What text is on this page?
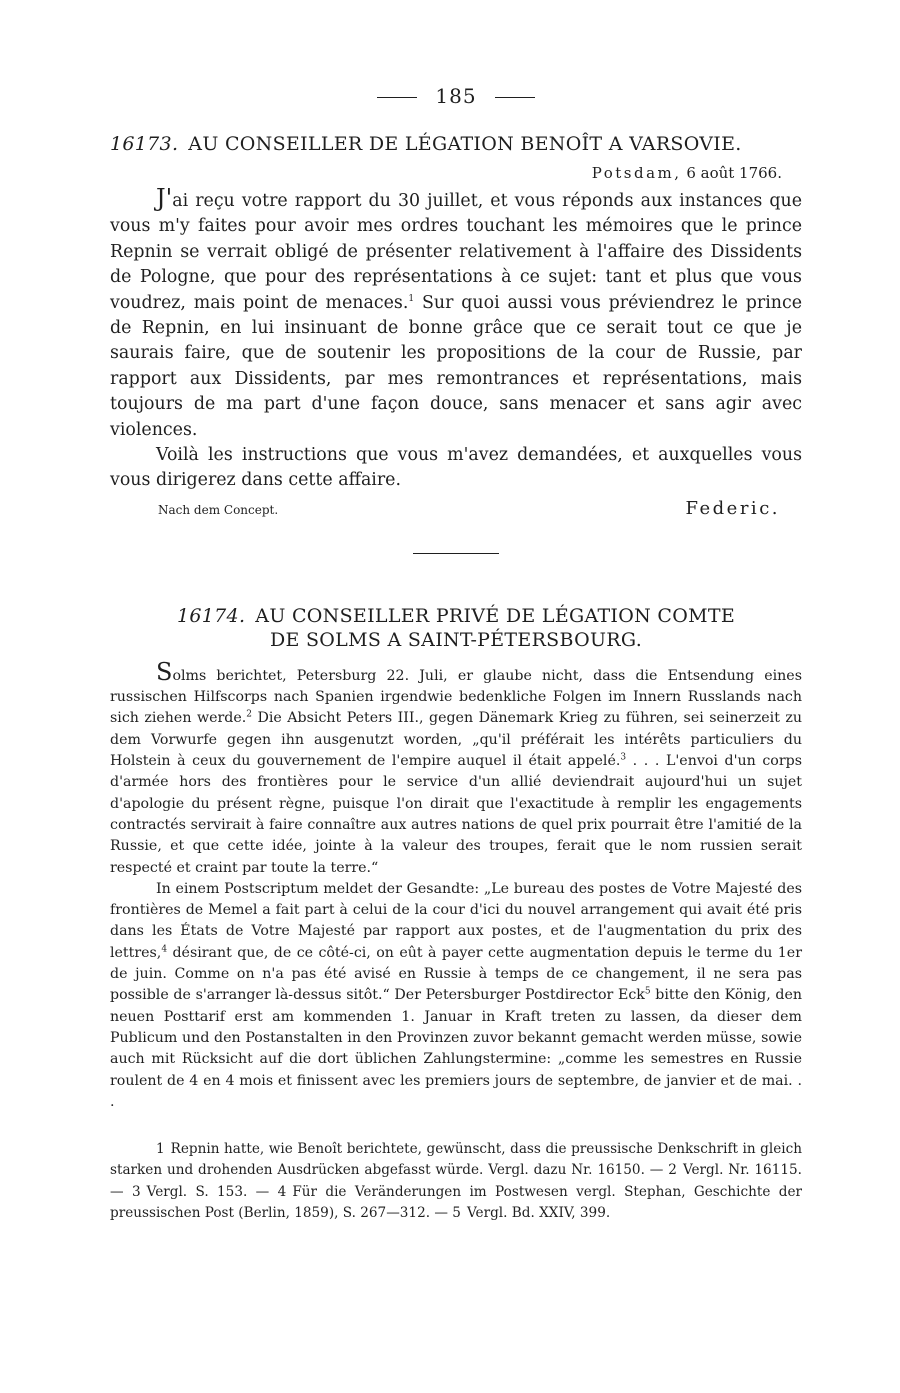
185

16173. AU CONSEILLER DE LÉGATION BENOÎT A VARSOVIE.

Potsdam, 6 août 1766.

J'ai reçu votre rapport du 30 juillet, et vous réponds aux instances que vous m'y faites pour avoir mes ordres touchant les mémoires que le prince Repnin se verrait obligé de présenter relativement à l'affaire des Dissidents de Pologne, que pour des représentations à ce sujet: tant et plus que vous voudrez, mais point de menaces.$^1$ Sur quoi aussi vous préviendrez le prince de Repnin, en lui insinuant de bonne grâce que ce serait tout ce que je saurais faire, que de soutenir les propositions de la cour de Russie, par rapport aux Dissidents, par mes remontrances et représentations, mais toujours de ma part d'une façon douce, sans menacer et sans agir avec violences.

Voilà les instructions que vous m'avez demandées, et auxquelles vous vous dirigerez dans cette affaire.

Nach dem Concept.	Federic.

16174. AU CONSEILLER PRIVÉ DE LÉGATION COMTE
DE SOLMS A SAINT-PÉTERSBOURG.

Solms berichtet, Petersburg 22. Juli, er glaube nicht, dass die Entsendung eines russischen Hilfscorps nach Spanien irgendwie bedenkliche Folgen im Innern Russlands nach sich ziehen werde.$^2$ Die Absicht Peters III., gegen Dänemark Krieg zu führen, sei seinerzeit zu dem Vorwurfe gegen ihn ausgenutzt worden, „qu'il préférait les intérêts particuliers du Holstein à ceux du gouvernement de l'empire auquel il était appelé.$^3$ . . . L'envoi d'un corps d'armée hors des frontières pour le service d'un allié deviendrait aujourd'hui un sujet d'apologie du présent règne, puisque l'on dirait que l'exactitude à remplir les engagements contractés servirait à faire connaître aux autres nations de quel prix pourrait être l'amitié de la Russie, et que cette idée, jointe à la valeur des troupes, ferait que le nom russien serait respecté et craint par toute la terre.“

In einem Postscriptum meldet der Gesandte: „Le bureau des postes de Votre Majesté des frontières de Memel a fait part à celui de la cour d'ici du nouvel arrangement qui avait été pris dans les États de Votre Majesté par rapport aux postes, et de l'augmentation du prix des lettres,$^4$ désirant que, de ce côté-ci, on eût à payer cette augmentation depuis le terme du 1er de juin. Comme on n'a pas été avisé en Russie à temps de ce changement, il ne sera pas possible de s'arranger là-dessus sitôt.“ Der Petersburger Postdirector Eck$^5$ bitte den König, den neuen Posttarif erst am kommenden 1. Januar in Kraft treten zu lassen, da dieser dem Publicum und den Postanstalten in den Provinzen zuvor bekannt gemacht werden müsse, sowie auch mit Rücksicht auf die dort üblichen Zahlungstermine: „comme les semestres en Russie roulent de 4 en 4 mois et finissent avec les premiers jours de septembre, de janvier et de mai. . .

1 Repnin hatte, wie Benoît berichtete, gewünscht, dass die preussische Denkschrift in gleich starken und drohenden Ausdrücken abgefasst würde. Vergl. dazu Nr. 16150. — 2 Vergl. Nr. 16115. — 3 Vergl. S. 153. — 4 Für die Veränderungen im Postwesen vergl. Stephan, Geschichte der preussischen Post (Berlin, 1859), S. 267—312. — 5 Vergl. Bd. XXIV, 399.
